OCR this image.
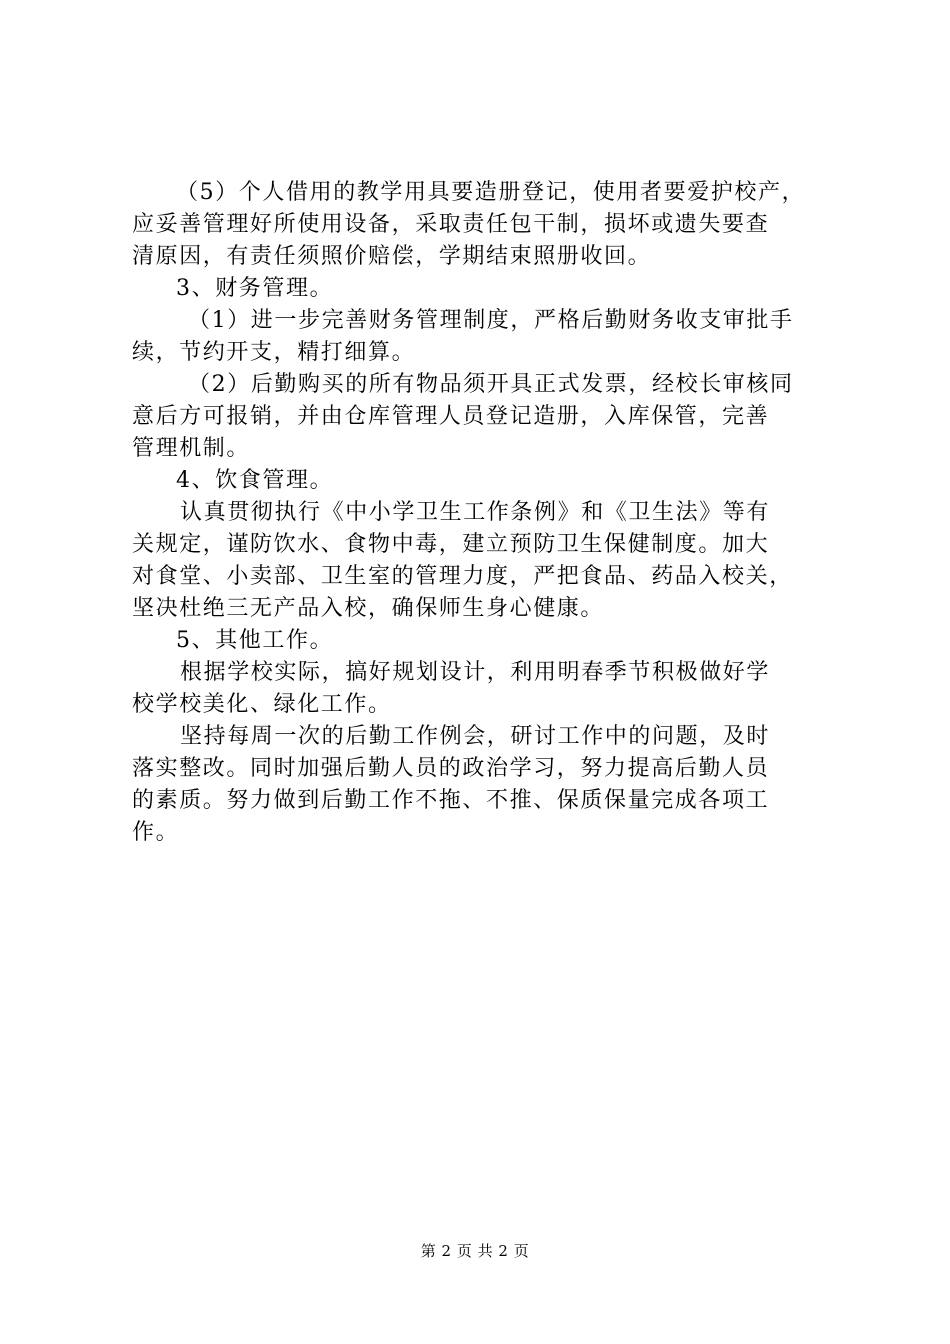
（5）个人借用的教学用具要造册登记，使用者要爱护校产，
应妥善管理好所使用设备，采取责任包干制，损坏或遗失要查
清原因，有责任须照价赔偿，学期结束照册收回。
3、财务管理。
（1）进一步完善财务管理制度，严格后勤财务收支审批手
续，节约开支，精打细算。
（2）后勤购买的所有物品须开具正式发票，经校长审核同
意后方可报销，并由仓库管理人员登记造册，入库保管，完善
管理机制。
4、饮食管理。
认真贯彻执行《中小学卫生工作条例》和《卫生法》等有
关规定，谨防饮水、食物中毒，建立预防卫生保健制度。加大
对食堂、小卖部、卫生室的管理力度，严把食品、药品入校关，
坚决杜绝三无产品入校，确保师生身心健康。
5、其他工作。
根据学校实际，搞好规划设计，利用明春季节积极做好学
校学校美化、绿化工作。
坚持每周一次的后勤工作例会，研讨工作中的问题，及时
落实整改。同时加强后勤人员的政治学习，努力提高后勤人员
的素质。努力做到后勤工作不拖、不推、保质保量完成各项工
作。
第 2 页 共 2 页
